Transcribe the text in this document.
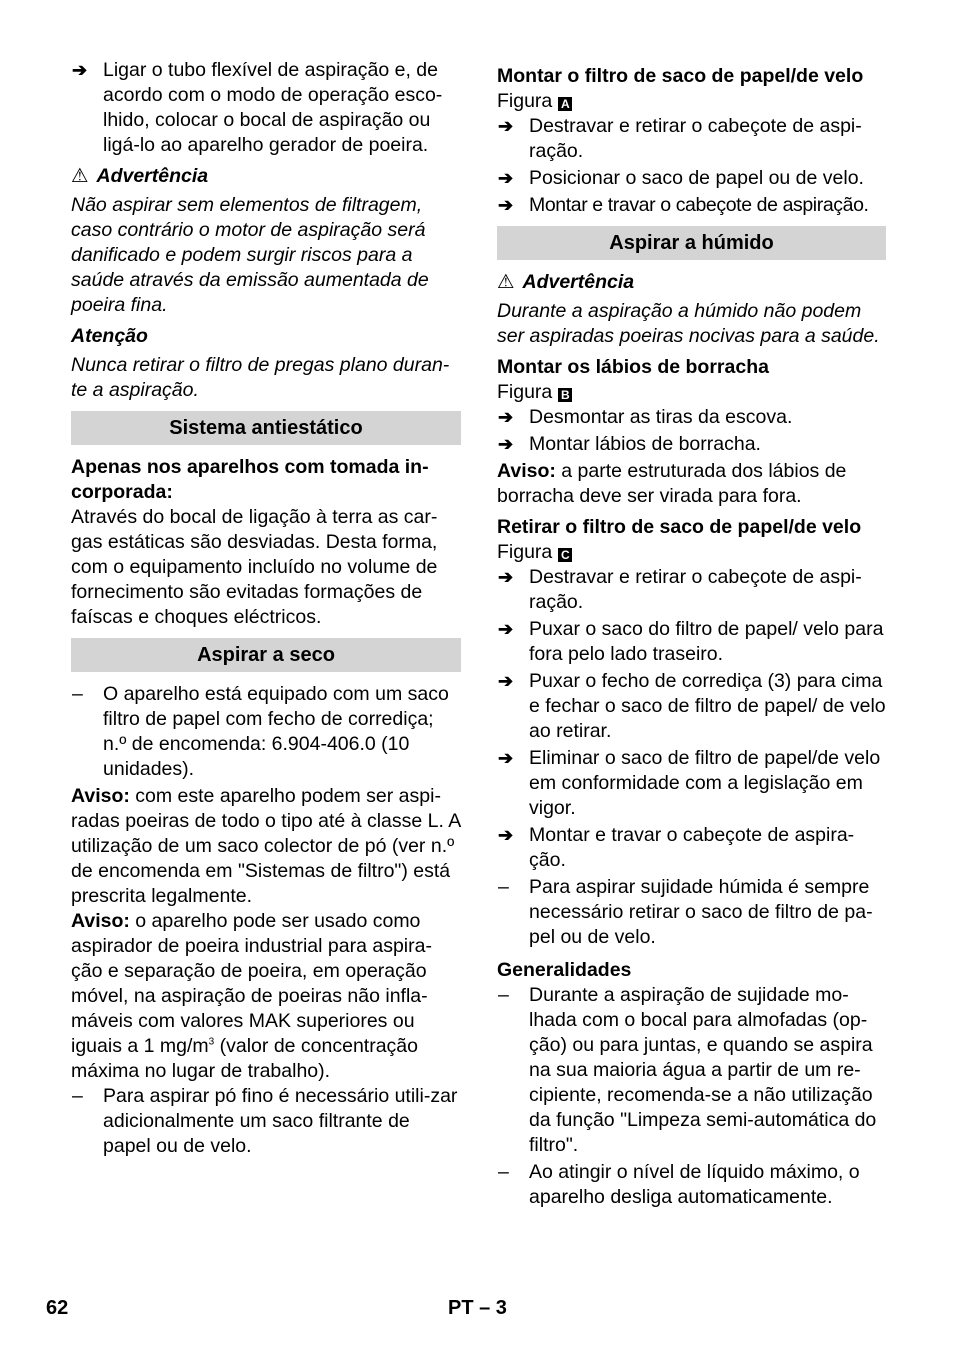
➔ Ligar o tubo flexível de aspiração e, de acordo com o modo de operação esco-lhido, colocar o bocal de aspiração ou ligá-lo ao aparelho gerador de poeira.

⚠ Advertência

Não aspirar sem elementos de filtragem, caso contrário o motor de aspiração será danificado e podem surgir riscos para a saúde através da emissão aumentada de poeira fina.

Atenção

Nunca retirar o filtro de pregas plano duran-te a aspiração.

Sistema antiestático

Apenas nos aparelhos com tomada in-corporada:

Através do bocal de ligação à terra as car-gas estáticas são desviadas. Desta forma, com o equipamento incluído no volume de fornecimento são evitadas formações de faíscas e choques eléctricos.

Aspirar a seco
– O aparelho está equipado com um saco filtro de papel com fecho de corrediça; n.º de encomenda: 6.904-406.0 (10 unidades).

Aviso: com este aparelho podem ser aspi-radas poeiras de todo o tipo até à classe L. A utilização de um saco colector de pó (ver n.º de encomenda em "Sistemas de filtro") está prescrita legalmente.

Aviso: o aparelho pode ser usado como aspirador de poeira industrial para aspira-ção e separação de poeira, em operação móvel, na aspiração de poeiras não infla-máveis com valores MAK superiores ou iguais a 1 $mg/m^3$ (valor de concentração máxima no lugar de trabalho).

– Para aspirar pó fino é necessário utili-zar adicionalmente um saco filtrante de papel ou de velo.

Montar o filtro de saco de papel/de velo

Figura A

➔ Destravar e retirar o cabeçote de aspi-ração.
➔ Posicionar o saco de papel ou de velo.
➔ Montar e travar o cabeçote de aspiração.
Aspirar a húmido

⚠ Advertência

Durante a aspiração a húmido não podem ser aspiradas poeiras nocivas para a saúde.

Montar os lábios de borracha

Figura B

➔ Desmontar as tiras da escova.
➔ Montar lábios de borracha.

Aviso: a parte estruturada dos lábios de borracha deve ser virada para fora.

Retirar o filtro de saco de papel/de velo

Figura C

➔ Destravar e retirar o cabeçote de aspi-ração.
➔ Puxar o saco do filtro de papel/ velo para fora pelo lado traseiro.
➔ Puxar o fecho de corrediça (3) para cima e fechar o saco de filtro de papel/ de velo ao retirar.
➔ Eliminar o saco de filtro de papel/de velo em conformidade com a legislação em vigor.
➔ Montar e travar o cabeçote de aspira-ção.
– Para aspirar sujidade húmida é sempre necessário retirar o saco de filtro de pa-pel ou de velo.

Generalidades

– Durante a aspiração de sujidade mo-lhada com o bocal para almofadas (op-ção) ou para juntas, e quando se aspira na sua maioria água a partir de um re-cipiente, recomenda-se a não utilização da função "Limpeza semi-automática do filtro".
– Ao atingir o nível de líquido máximo, o aparelho desliga automaticamente.
62	PT – 3
